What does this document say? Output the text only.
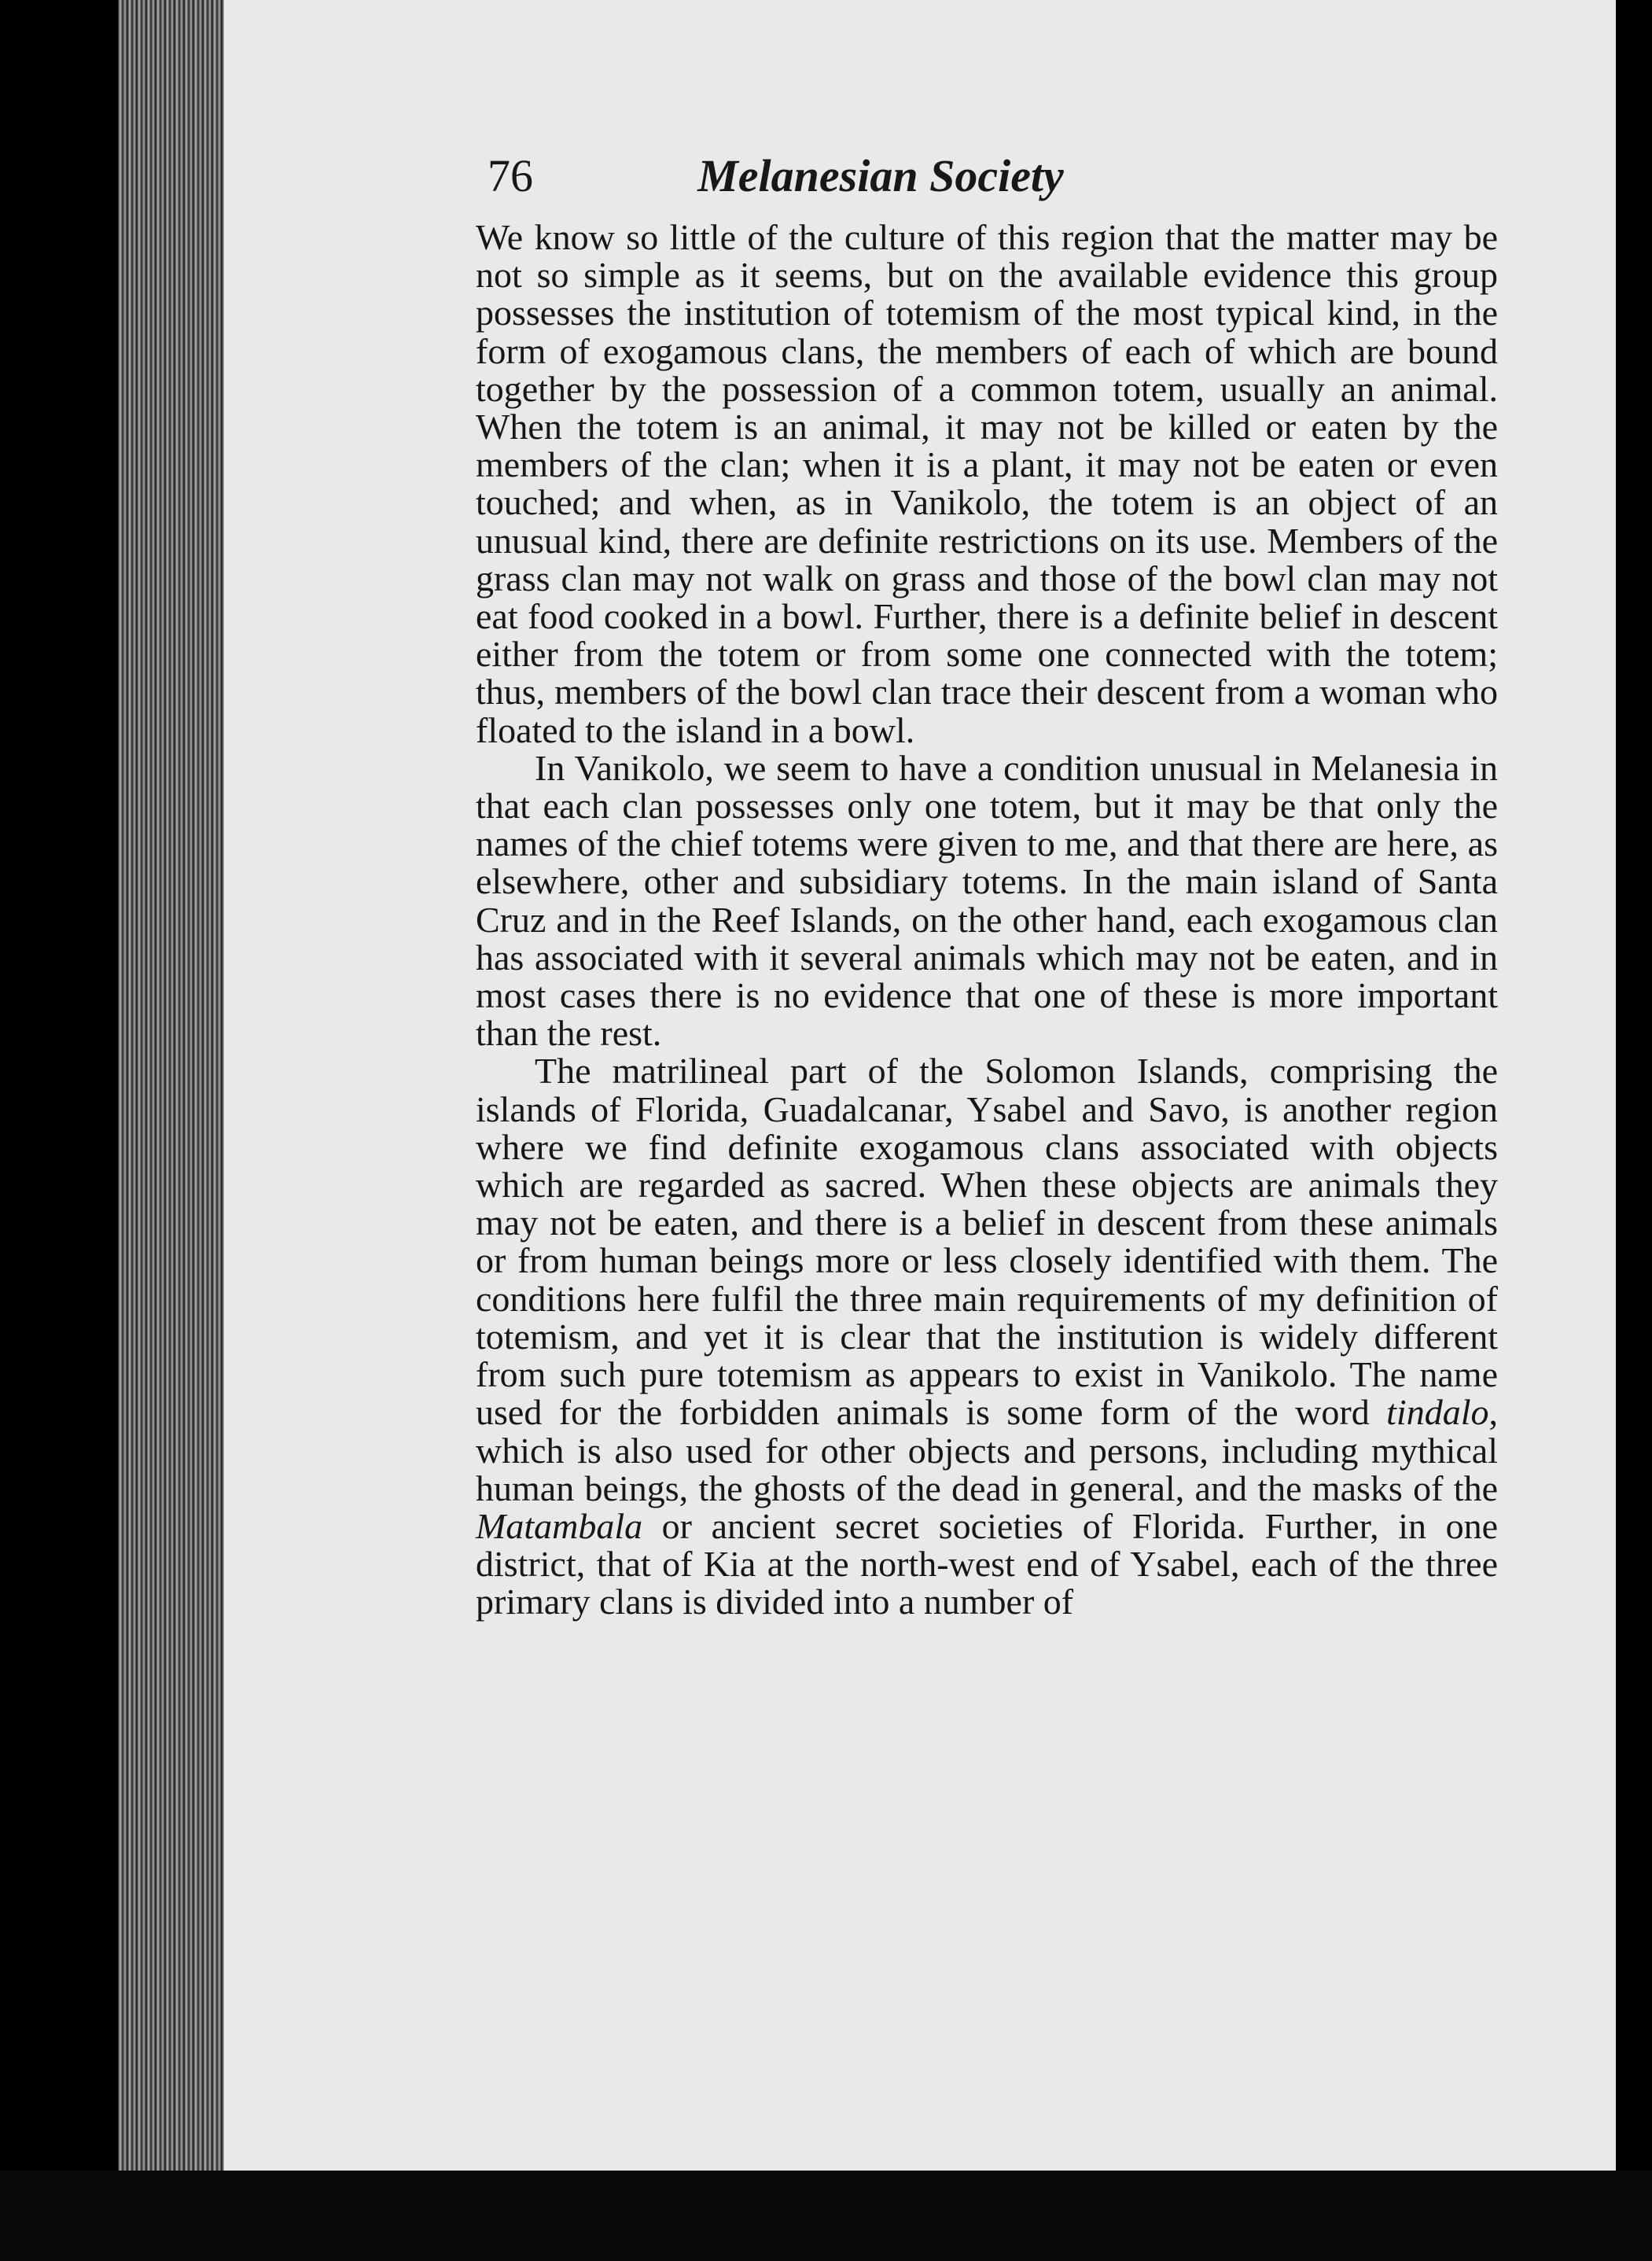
76	Melanesian Society

We know so little of the culture of this region that the matter may be not so simple as it seems, but on the available evidence this group possesses the institution of totemism of the most typical kind, in the form of exogamous clans, the members of each of which are bound together by the possession of a common totem, usually an animal. When the totem is an animal, it may not be killed or eaten by the members of the clan; when it is a plant, it may not be eaten or even touched; and when, as in Vanikolo, the totem is an object of an unusual kind, there are definite restrictions on its use. Members of the grass clan may not walk on grass and those of the bowl clan may not eat food cooked in a bowl. Further, there is a definite belief in descent either from the totem or from some one connected with the totem; thus, members of the bowl clan trace their descent from a woman who floated to the island in a bowl.

In Vanikolo, we seem to have a condition unusual in Melanesia in that each clan possesses only one totem, but it may be that only the names of the chief totems were given to me, and that there are here, as elsewhere, other and subsidiary totems. In the main island of Santa Cruz and in the Reef Islands, on the other hand, each exogamous clan has associated with it several animals which may not be eaten, and in most cases there is no evidence that one of these is more important than the rest.

The matrilineal part of the Solomon Islands, comprising the islands of Florida, Guadalcanar, Ysabel and Savo, is another region where we find definite exogamous clans associated with objects which are regarded as sacred. When these objects are animals they may not be eaten, and there is a belief in descent from these animals or from human beings more or less closely identified with them. The conditions here fulfil the three main requirements of my definition of totemism, and yet it is clear that the institution is widely different from such pure totemism as appears to exist in Vanikolo. The name used for the forbidden animals is some form of the word tindalo, which is also used for other objects and persons, including mythical human beings, the ghosts of the dead in general, and the masks of the Matambala or ancient secret societies of Florida. Further, in one district, that of Kia at the north-west end of Ysabel, each of the three primary clans is divided into a number of
